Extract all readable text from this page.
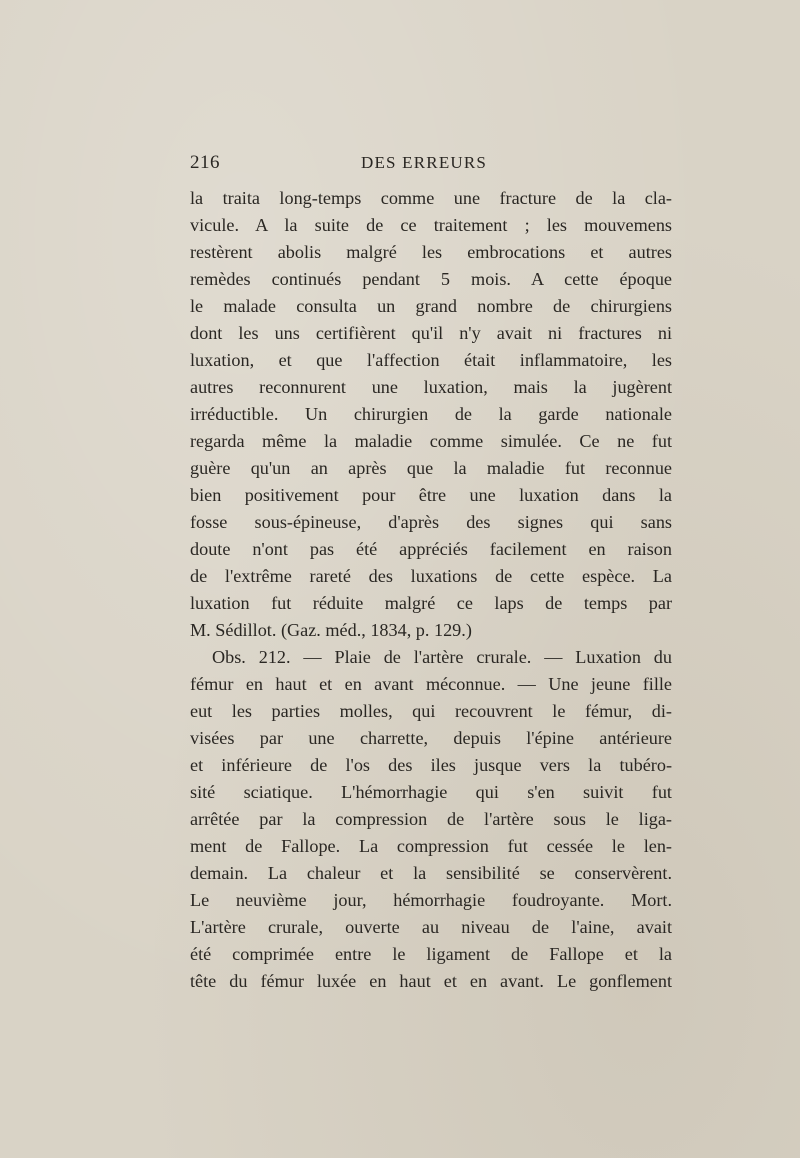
216	DES ERREURS
la traita long-temps comme une fracture de la cla-
vicule. A la suite de ce traitement ; les mouvemens
restèrent abolis malgré les embrocations et autres
remèdes continués pendant 5 mois. A cette époque
le malade consulta un grand nombre de chirurgiens
dont les uns certifièrent qu'il n'y avait ni fractures ni
luxation, et que l'affection était inflammatoire, les
autres reconnurent une luxation, mais la jugèrent
irréductible. Un chirurgien de la garde nationale
regarda même la maladie comme simulée. Ce ne fut
guère qu'un an après que la maladie fut reconnue
bien positivement pour être une luxation dans la
fosse sous-épineuse, d'après des signes qui sans
doute n'ont pas été appréciés facilement en raison
de l'extrême rareté des luxations de cette espèce. La
luxation fut réduite malgré ce laps de temps par
M. Sédillot. (Gaz. méd., 1834, p. 129.)
Obs. 212. — Plaie de l'artère crurale. — Luxation du
fémur en haut et en avant méconnue. — Une jeune fille
eut les parties molles, qui recouvrent le fémur, di-
visées par une charrette, depuis l'épine antérieure
et inférieure de l'os des iles jusque vers la tubéro-
sité sciatique. L'hémorrhagie qui s'en suivit fut
arrêtée par la compression de l'artère sous le liga-
ment de Fallope. La compression fut cessée le len-
demain. La chaleur et la sensibilité se conservèrent.
Le neuvième jour, hémorrhagie foudroyante. Mort.
L'artère crurale, ouverte au niveau de l'aine, avait
été comprimée entre le ligament de Fallope et la
tête du fémur luxée en haut et en avant. Le gonflement
